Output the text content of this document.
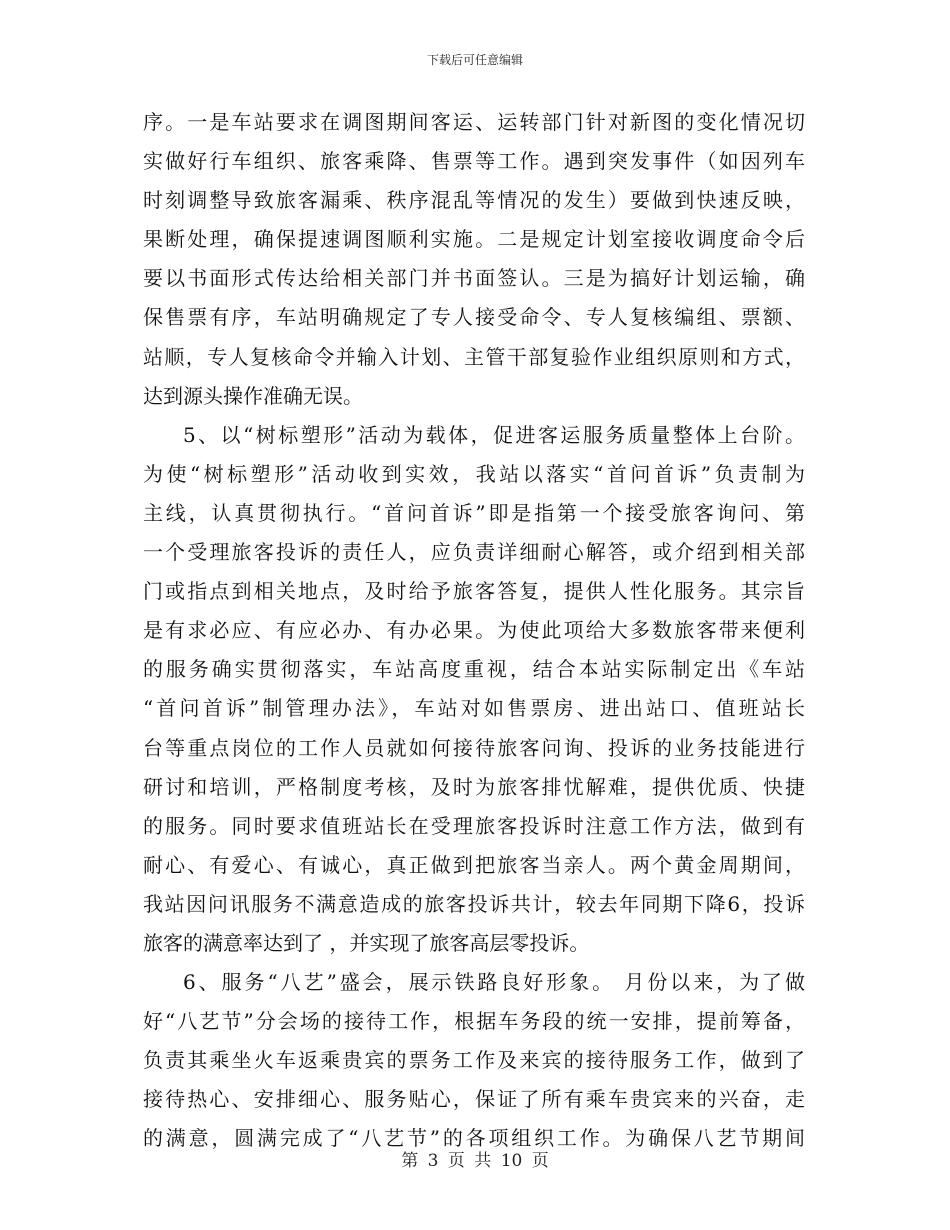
下载后可任意编辑
序。一是车站要求在调图期间客运、运转部门针对新图的变化情况切
实做好行车组织、旅客乘降、售票等工作。遇到突发事件（如因列车
时刻调整导致旅客漏乘、秩序混乱等情况的发生）要做到快速反映，
果断处理，确保提速调图顺利实施。二是规定计划室接收调度命令后
要以书面形式传达给相关部门并书面签认。三是为搞好计划运输，确
保售票有序，车站明确规定了专人接受命令、专人复核编组、票额、
站顺，专人复核命令并输入计划、主管干部复验作业组织原则和方式，
达到源头操作准确无误。
5、以“树标塑形”活动为载体，促进客运服务质量整体上台阶。
为使“树标塑形”活动收到实效，我站以落实“首问首诉”负责制为
主线，认真贯彻执行。“首问首诉”即是指第一个接受旅客询问、第
一个受理旅客投诉的责任人，应负责详细耐心解答，或介绍到相关部
门或指点到相关地点，及时给予旅客答复，提供人性化服务。其宗旨
是有求必应、有应必办、有办必果。为使此项给大多数旅客带来便利
的服务确实贯彻落实，车站高度重视，结合本站实际制定出《车站
“首问首诉”制管理办法》，车站对如售票房、进出站口、值班站长
台等重点岗位的工作人员就如何接待旅客问询、投诉的业务技能进行
研讨和培训，严格制度考核，及时为旅客排忧解难，提供优质、快捷
的服务。同时要求值班站长在受理旅客投诉时注意工作方法，做到有
耐心、有爱心、有诚心，真正做到把旅客当亲人。两个黄金周期间，
我站因问讯服务不满意造成的旅客投诉共计，较去年同期下降6，投诉
旅客的满意率达到了 ，并实现了旅客高层零投诉。
6、服务“八艺”盛会，展示铁路良好形象。 月份以来，为了做
好“八艺节”分会场的接待工作，根据车务段的统一安排，提前筹备，
负责其乘坐火车返乘贵宾的票务工作及来宾的接待服务工作，做到了
接待热心、安排细心、服务贴心，保证了所有乘车贵宾来的兴奋，走
的满意，圆满完成了“八艺节”的各项组织工作。为确保八艺节期间
第 3 页 共 10 页
